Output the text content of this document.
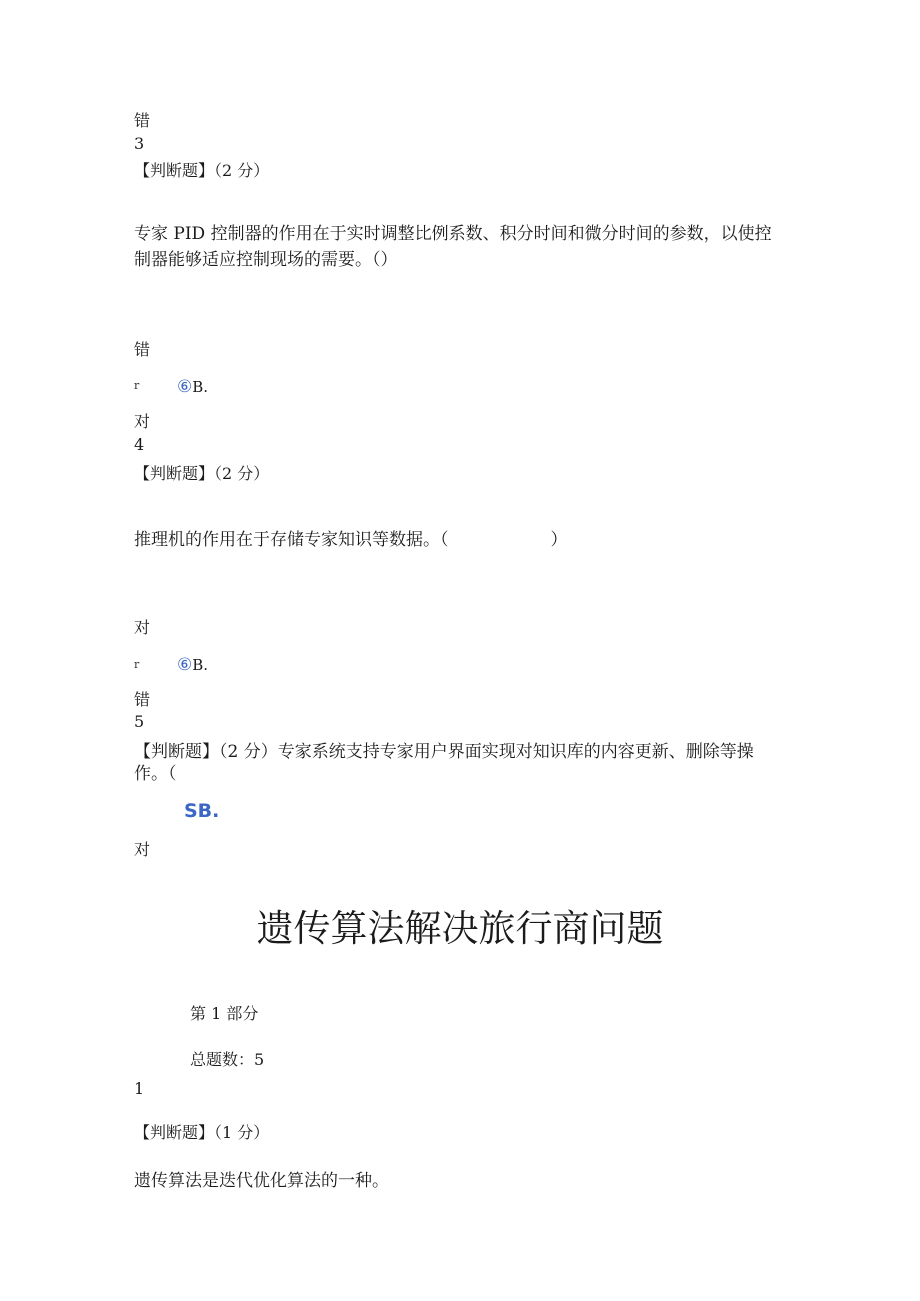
错
3
【判断题】（2 分）
专家 PID 控制器的作用在于实时调整比例系数、积分时间和微分时间的参数，以使控制器能够适应控制现场的需要。（）
错
r ⑥B.
对
4
【判断题】（2 分）
推理机的作用在于存储专家知识等数据。（　　　　　　）
对
r ⑥B.
错
5
【判断题】（2 分）专家系统支持专家用户界面实现对知识库的内容更新、删除等操
作。（
SB.
对
遗传算法解决旅行商问题
第 1 部分
总题数：5
1
【判断题】（1 分）
遗传算法是迭代优化算法的一种。
